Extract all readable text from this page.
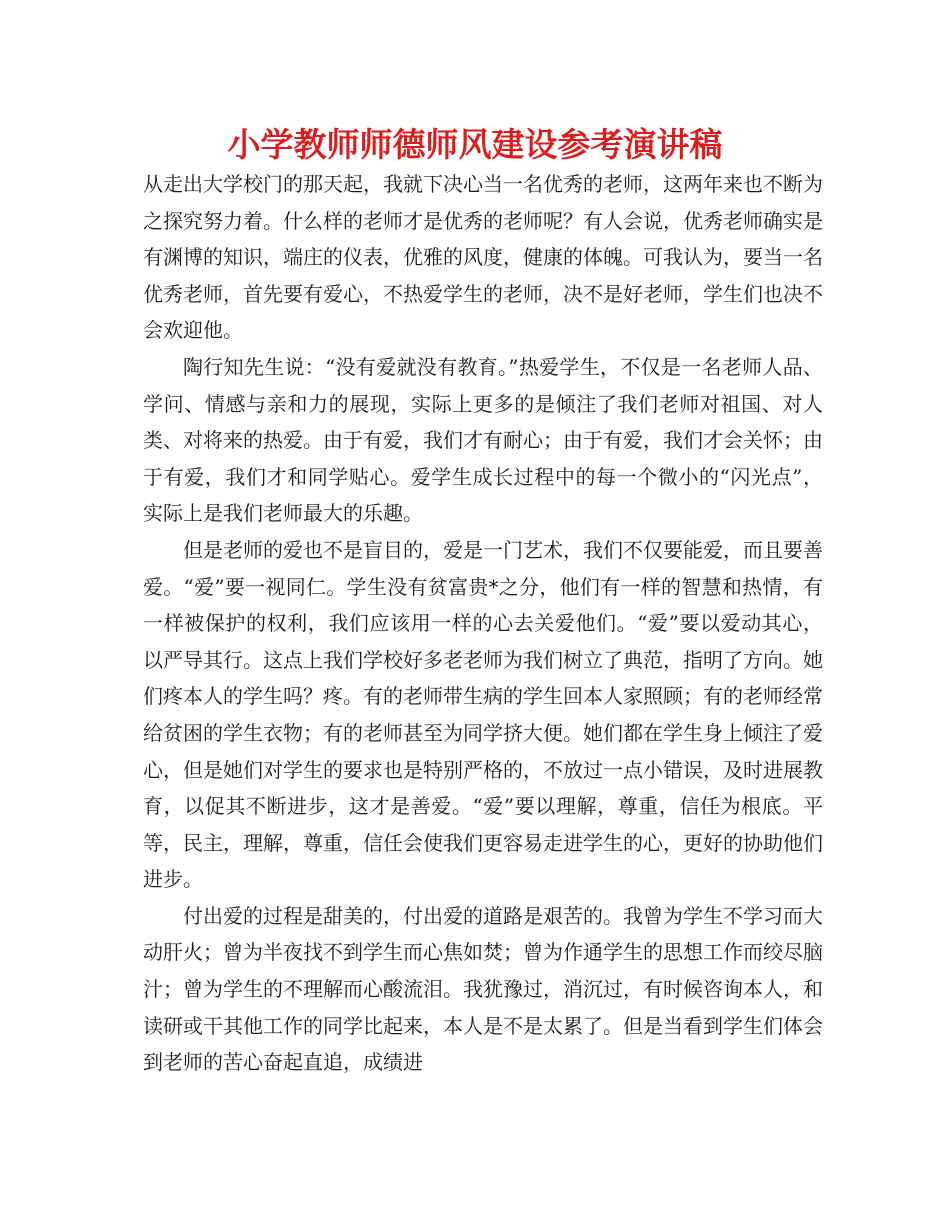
小学教师师德师风建设参考演讲稿

从走出大学校门的那天起，我就下决心当一名优秀的老师，这两年来也不断为之探究努力着。什么样的老师才是优秀的老师呢？有人会说，优秀老师确实是有渊博的知识，端庄的仪表，优雅的风度，健康的体魄。可我认为，要当一名优秀老师，首先要有爱心，不热爱学生的老师，决不是好老师，学生们也决不会欢迎他。

陶行知先生说：“没有爱就没有教育。”热爱学生，不仅是一名老师人品、学问、情感与亲和力的展现，实际上更多的是倾注了我们老师对祖国、对人类、对将来的热爱。由于有爱，我们才有耐心；由于有爱，我们才会关怀；由于有爱，我们才和同学贴心。爱学生成长过程中的每一个微小的“闪光点”，实际上是我们老师最大的乐趣。

但是老师的爱也不是盲目的，爱是一门艺术，我们不仅要能爱，而且要善爱。“爱”要一视同仁。学生没有贫富贵*之分，他们有一样的智慧和热情，有一样被保护的权利，我们应该用一样的心去关爱他们。“爱”要以爱动其心，以严导其行。这点上我们学校好多老老师为我们树立了典范，指明了方向。她们疼本人的学生吗？疼。有的老师带生病的学生回本人家照顾；有的老师经常给贫困的学生衣物；有的老师甚至为同学挤大便。她们都在学生身上倾注了爱心，但是她们对学生的要求也是特别严格的，不放过一点小错误，及时进展教育，以促其不断进步，这才是善爱。“爱”要以理解，尊重，信任为根底。平等，民主，理解，尊重，信任会使我们更容易走进学生的心，更好的协助他们进步。

付出爱的过程是甜美的，付出爱的道路是艰苦的。我曾为学生不学习而大动肝火；曾为半夜找不到学生而心焦如焚；曾为作通学生的思想工作而绞尽脑汁；曾为学生的不理解而心酸流泪。我犹豫过，消沉过，有时候咨询本人，和读研或干其他工作的同学比起来，本人是不是太累了。但是当看到学生们体会到老师的苦心奋起直追，成绩进
